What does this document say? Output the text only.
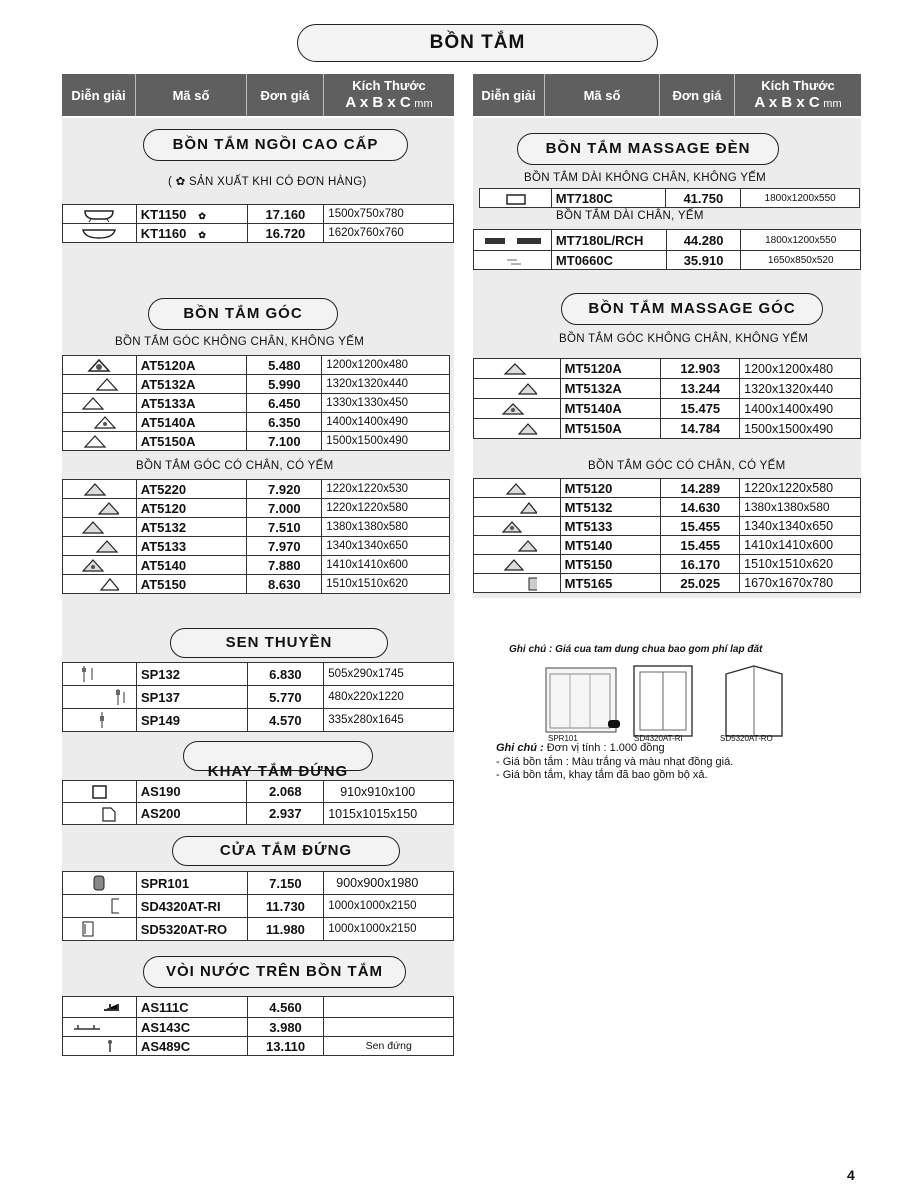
BỒN TẮM
Diễn giải	Mã số	Đơn giá
Kích Thước
A x B x C mm
Diễn giải	Mã số	Đơn giá
Kích Thước
A x B x C mm
BỒN TẮM NGỒI CAO CẤP
( ✿ SẢN XUẤT KHI CÓ ĐƠN HÀNG)
	KT1150 ✿	17.160	1500x750x780
	KT1160 ✿	16.720	1620x760x760
BỒN TẮM GÓC
BỒN TẮM GÓC KHÔNG CHÂN, KHÔNG YẾM
	AT5120A	5.480	1200x1200x480
	AT5132A	5.990	1320x1320x440
	AT5133A	6.450	1330x1330x450
	AT5140A	6.350	1400x1400x490
	AT5150A	7.100	1500x1500x490
BỒN TẮM GÓC CÓ CHÂN, CÓ YẾM
	AT5220	7.920	1220x1220x530
	AT5120	7.000	1220x1220x580
	AT5132	7.510	1380x1380x580
	AT5133	7.970	1340x1340x650
	AT5140	7.880	1410x1410x600
	AT5150	8.630	1510x1510x620
SEN THUYỀN
	SP132	6.830	505x290x1745
	SP137	5.770	480x220x1220
	SP149	4.570	335x280x1645
KHAY TẮM ĐỨNG
	AS190	2.068	910x910x100
	AS200	2.937	1015x1015x150
CỬA TẮM ĐỨNG
	SPR101	7.150	900x900x1980
	SD4320AT-RI	11.730	1000x1000x2150
	SD5320AT-RO	11.980	1000x1000x2150
VÒI NƯỚC TRÊN BỒN TẮM
	AS111C	4.560	
	AS143C	3.980	
	AS489C	13.110	Sen đứng
BỒN TẮM MASSAGE ĐÈN
BỒN TẮM DÀI KHÔNG CHÂN, KHÔNG YẾM
	MT7180C	41.750	1800x1200x550
BỒN TẮM DÀI CHÂN, YẾM
	MT7180L/RCH	44.280	1800x1200x550
	MT0660C	35.910	1650x850x520
BỒN TẮM MASSAGE GÓC
BỒN TẮM GÓC KHÔNG CHÂN, KHÔNG YẾM
	MT5120A	12.903	1200x1200x480
	MT5132A	13.244	1320x1320x440
	MT5140A	15.475	1400x1400x490
	MT5150A	14.784	1500x1500x490
BỒN TẮM GÓC CÓ CHÂN, CÓ YẾM
	MT5120	14.289	1220x1220x580
	MT5132	14.630	1380x1380x580
	MT5133	15.455	1340x1340x650
	MT5140	15.455	1410x1410x600
	MT5150	16.170	1510x1510x620
	MT5165	25.025	1670x1670x780
Ghi chú : Giá cua tam dung chua bao gom phí lap đăt
SPR101	SD4320AT-RI	SD5320AT-RO
Ghi chú : Đơn vị tính : 1.000 đồng
- Giá bồn tắm : Màu trắng và màu nhạt đồng giá.
- Giá bồn tắm, khay tắm đã bao gồm bộ xả.
4
